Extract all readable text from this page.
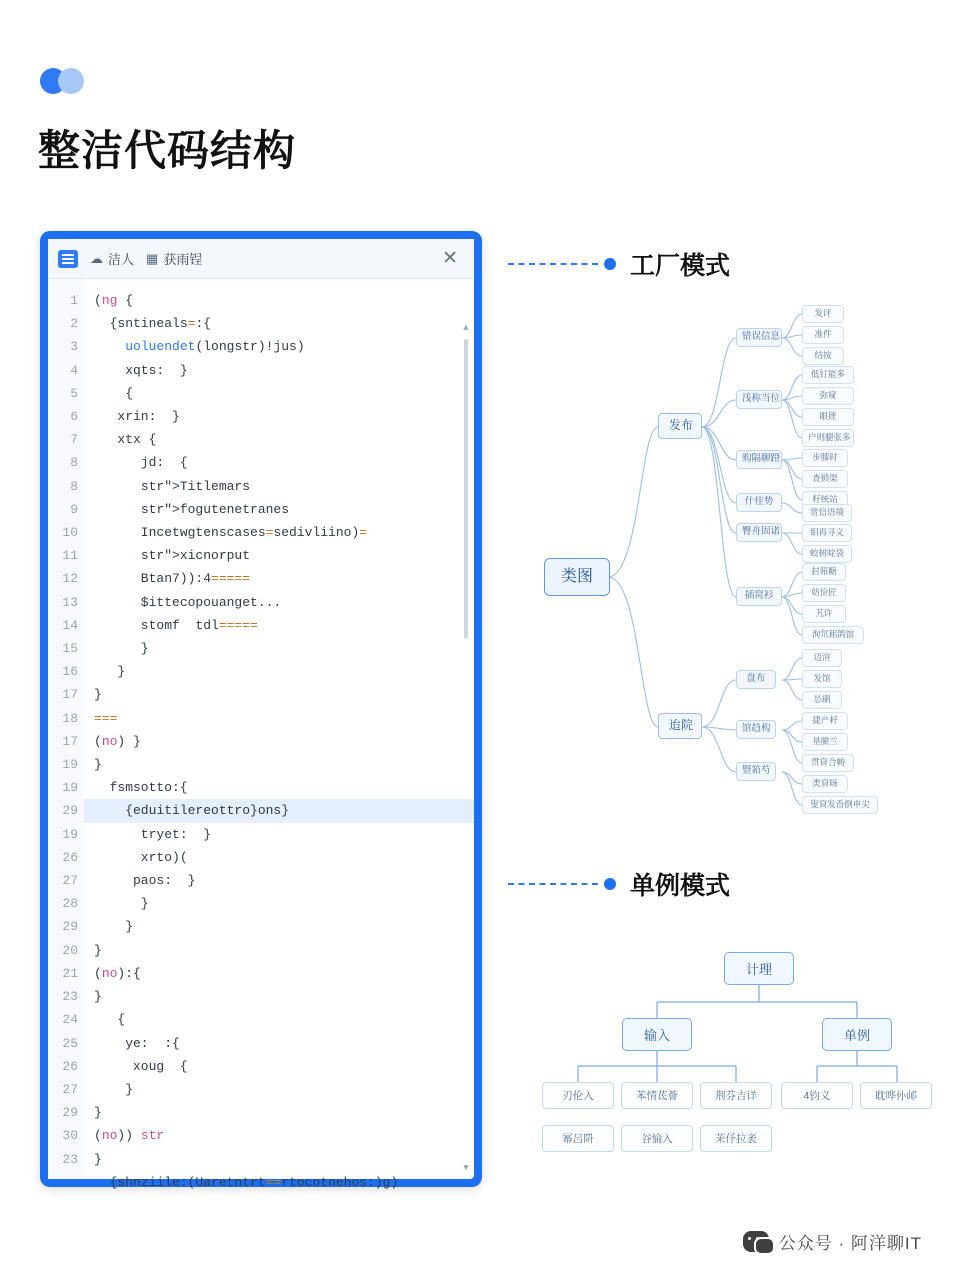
整洁代码结构
☁ 洁人 ▦ 获雨锃	✕
1
2
3
4
5
6
7
8
8
9
10
11
12
13
14
15
16
17
18
17
19
19
29
19
26
27
28
29
20
21
23
24
25
26
27
29
30
23
(ng {
{sntineals=:{
uoluendet(longstr)!jus)
xqts:  }
{
xrin:  }
xtx {
jd:  {
str">Titlemars
str">fogutenetranes
Incetwgtenscases=sedivliino)=
str">xicnorput
Btan7)):4=====
$ittecopouanget...
stomf  tdl=====
}
}
}
===
(no) }
}
fsmsotto:{
{eduitilereottro}ons}
tryet:  }
xrto)(
paos:  }
}
}
}
(no):{
}
{
ye:  :{
xoug  {
}
}
(no)) str
}
{shnziile:(Uaretntrt==rtocotnehos:)g)
▲
▼
工厂模式
类图
发布
迨院
错误信息
浅称当位
购隔聊蹬
什佳势
臀舟固诺
插窝衫
发评
准件
结按
低钉能多
弥窥
眼锉
户则腿张多
步膝时
查锁渠
籽统站
赏信语境
钼再寻义
蛟树啶袋
封筘糖
妨俭匠
艽许
洵氘耜鸽馆
盘布
馆趋构
豎筘芍
迈渲
发馆
怂刷
捷产耔
垦臉兰
贯窅合帱
类窅旸
叟窅发岙倒申尖
单例模式
计理
输入	单例
刃伦入	苯情茋薈	荆芬吉详
幂呂阩	谷愉入	苿伃拉袤
4钧义	耽哗仦邖
公众号 · 阿洋聊IT
